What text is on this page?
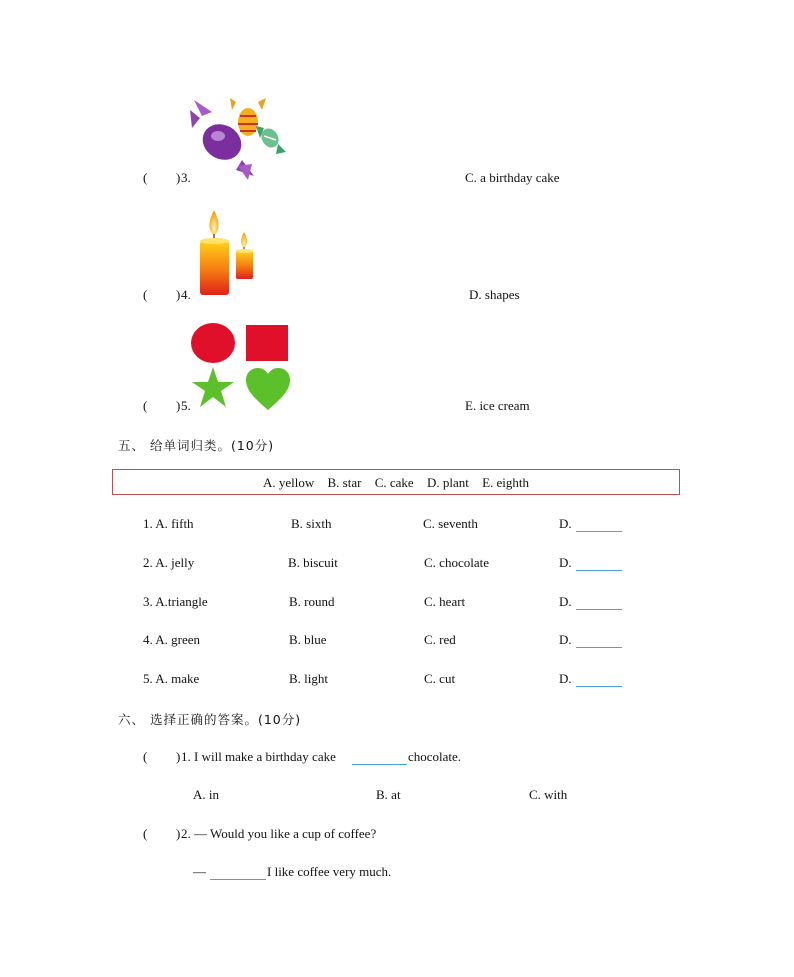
( ) 3.	C. a birthday cake
( ) 4.	D. shapes
( ) 5.	E. ice cream
五、 给单词归类。(10分)
A. yellow B. star C. cake D. plant E. eighth
1. A. fifth	B. sixth	C. seventh	D.
2. A. jelly	B. biscuit	C. chocolate	D.
3. A.triangle	B. round	C. heart	D.
4. A. green	B. blue	C. red	D.
5. A. make	B. light	C. cut	D.
六、 选择正确的答案。(10分)
( ) 1. I will make a birthday cake	chocolate.
A. in	B. at	C. with
( ) 2. — Would you like a cup of coffee?
—	I like coffee very much.
